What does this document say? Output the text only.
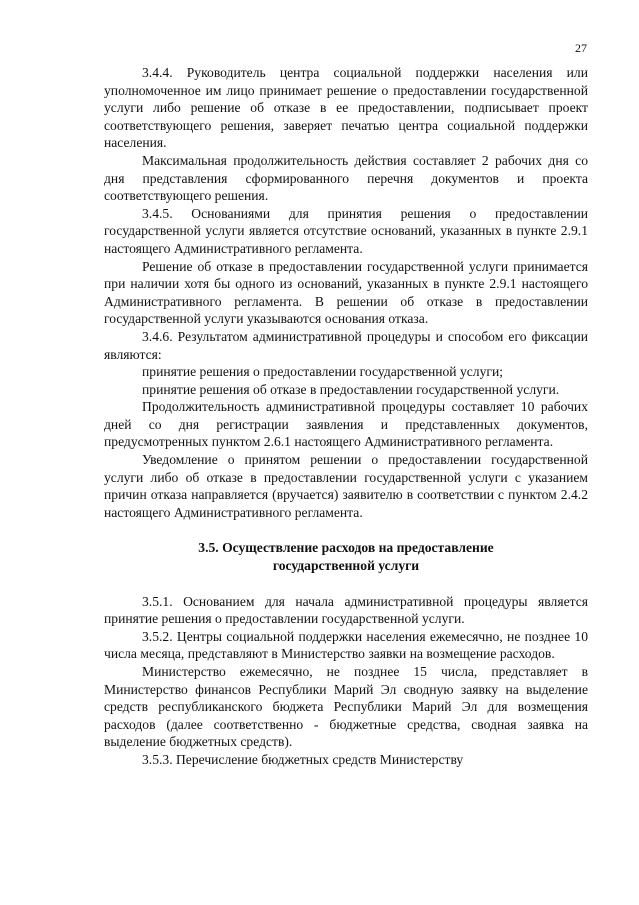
27

3.4.4. Руководитель центра социальной поддержки населения или уполномоченное им лицо принимает решение о предоставлении государственной услуги либо решение об отказе в ее предоставлении, подписывает проект соответствующего решения, заверяет печатью центра социальной поддержки населения.

Максимальная продолжительность действия составляет 2 рабочих дня со дня представления сформированного перечня документов и проекта соответствующего решения.

3.4.5. Основаниями для принятия решения о предоставлении государственной услуги является отсутствие оснований, указанных в пункте 2.9.1 настоящего Административного регламента.

Решение об отказе в предоставлении государственной услуги принимается при наличии хотя бы одного из оснований, указанных в пункте 2.9.1 настоящего Административного регламента. В решении об отказе в предоставлении государственной услуги указываются основания отказа.

3.4.6. Результатом административной процедуры и способом его фиксации являются:

принятие решения о предоставлении государственной услуги;

принятие решения об отказе в предоставлении государственной услуги.

Продолжительность административной процедуры составляет 10 рабочих дней со дня регистрации заявления и представленных документов, предусмотренных пунктом 2.6.1 настоящего Административного регламента.

Уведомление о принятом решении о предоставлении государственной услуги либо об отказе в предоставлении государственной услуги с указанием причин отказа направляется (вручается) заявителю в соответствии с пунктом 2.4.2 настоящего Административного регламента.

3.5. Осуществление расходов на предоставление
государственной услуги

3.5.1. Основанием для начала административной процедуры является принятие решения о предоставлении государственной услуги.

3.5.2. Центры социальной поддержки населения ежемесячно, не позднее 10 числа месяца, представляют в Министерство заявки на возмещение расходов.

Министерство ежемесячно, не позднее 15 числа, представляет в Министерство финансов Республики Марий Эл сводную заявку на выделение средств республиканского бюджета Республики Марий Эл для возмещения расходов (далее соответственно - бюджетные средства, сводная заявка на выделение бюджетных средств).

3.5.3. Перечисление бюджетных средств Министерству
